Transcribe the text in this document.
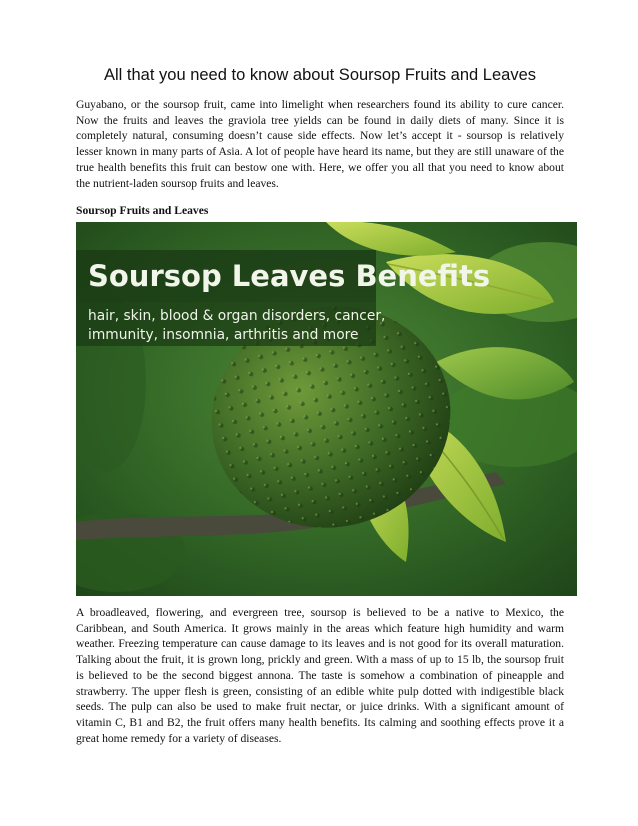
All that you need to know about Soursop Fruits and Leaves

Guyabano, or the soursop fruit, came into limelight when researchers found its ability to cure cancer. Now the fruits and leaves the graviola tree yields can be found in daily diets of many. Since it is completely natural, consuming doesn’t cause side effects. Now let’s accept it - soursop is relatively lesser known in many parts of Asia. A lot of people have heard its name, but they are still unaware of the true health benefits this fruit can bestow one with. Here, we offer you all that you need to know about the nutrient-laden soursop fruits and leaves.

Soursop Fruits and Leaves
Soursop Leaves Benefits
hair, skin, blood & organ disorders, cancer,
immunity, insomnia, arthritis and more

A broadleaved, flowering, and evergreen tree, soursop is believed to be a native to Mexico, the Caribbean, and South America. It grows mainly in the areas which feature high humidity and warm weather. Freezing temperature can cause damage to its leaves and is not good for its overall maturation. Talking about the fruit, it is grown long, prickly and green. With a mass of up to 15 lb, the soursop fruit is believed to be the second biggest annona. The taste is somehow a combination of pineapple and strawberry. The upper flesh is green, consisting of an edible white pulp dotted with indigestible black seeds. The pulp can also be used to make fruit nectar, or juice drinks. With a significant amount of vitamin C, B1 and B2, the fruit offers many health benefits. Its calming and soothing effects prove it a great home remedy for a variety of diseases.
